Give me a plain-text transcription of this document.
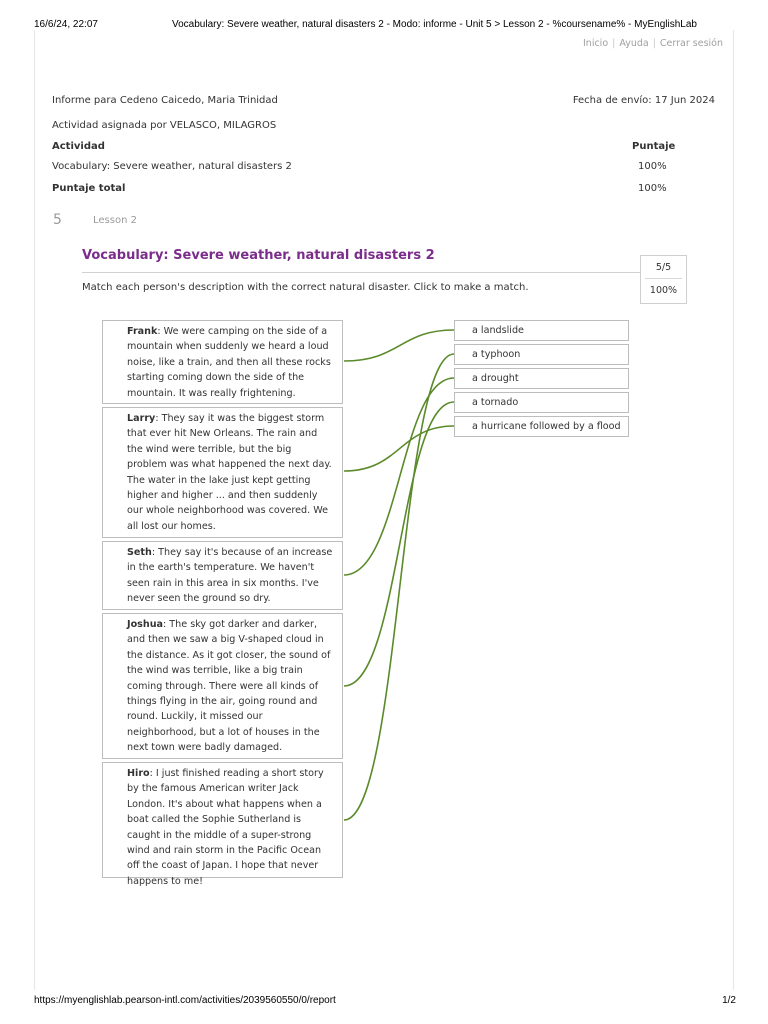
16/6/24, 22:07	Vocabulary: Severe weather, natural disasters 2 - Modo: informe - Unit 5 > Lesson 2 - %coursename% - MyEnglishLab
Inicio | Ayuda | Cerrar sesión
Informe para Cedeno Caicedo, Maria Trinidad	Fecha de envío: 17 Jun 2024
Actividad asignada por VELASCO, MILAGROS
Actividad	Puntaje
Vocabulary: Severe weather, natural disasters 2	100%
Puntaje total	100%
5	Lesson 2
Vocabulary: Severe weather, natural disasters 2
Match each person's description with the correct natural disaster. Click to make a match.
5/5
100%
Frank: We were camping on the side of a mountain when suddenly we heard a loud noise, like a train, and then all these rocks starting coming down the side of the mountain. It was really frightening.
Larry: They say it was the biggest storm that ever hit New Orleans. The rain and the wind were terrible, but the big problem was what happened the next day. The water in the lake just kept getting higher and higher ... and then suddenly our whole neighborhood was covered. We all lost our homes.
Seth: They say it's because of an increase in the earth's temperature. We haven't seen rain in this area in six months. I've never seen the ground so dry.
Joshua: The sky got darker and darker, and then we saw a big V-shaped cloud in the distance. As it got closer, the sound of the wind was terrible, like a big train coming through. There were all kinds of things flying in the air, going round and round. Luckily, it missed our neighborhood, but a lot of houses in the next town were badly damaged.
Hiro: I just finished reading a short story by the famous American writer Jack London. It's about what happens when a boat called the Sophie Sutherland is caught in the middle of a super-strong wind and rain storm in the Pacific Ocean off the coast of Japan. I hope that never happens to me!
a landslide
a typhoon
a drought
a tornado
a hurricane followed by a flood
https://myenglishlab.pearson-intl.com/activities/2039560550/0/report	1/2
